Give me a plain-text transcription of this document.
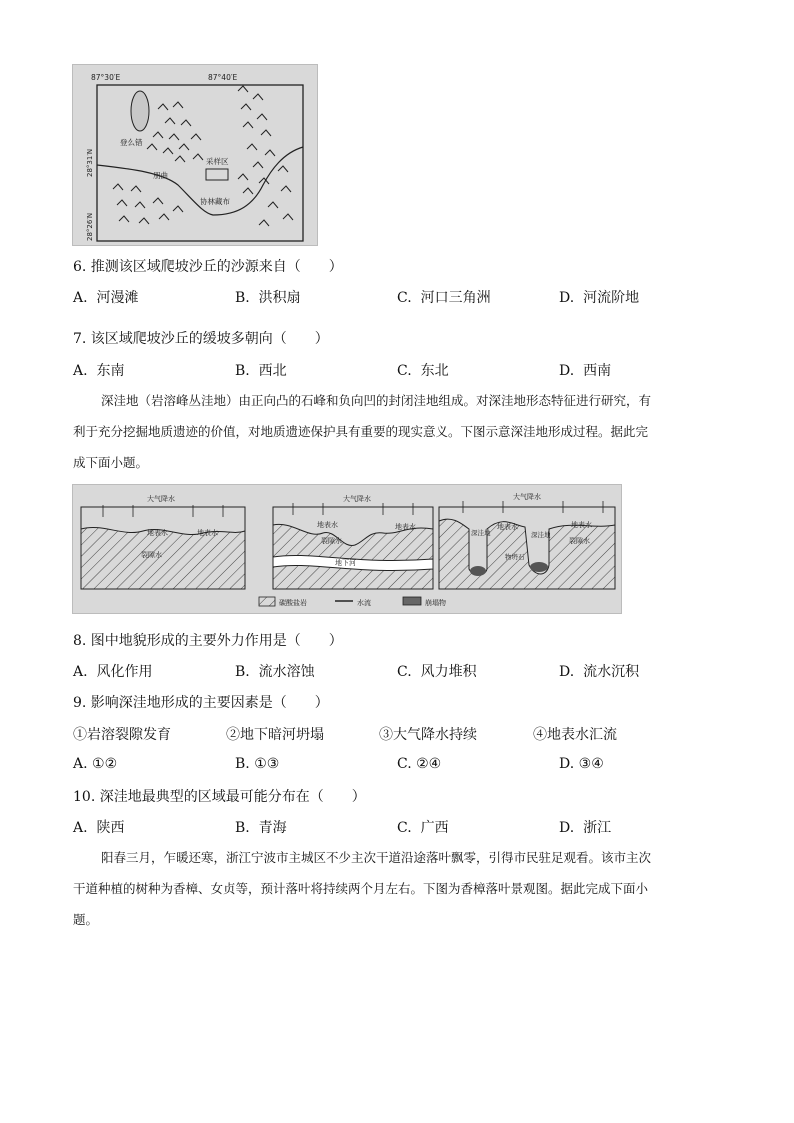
87°30′E	87°40′E
28°31′N
28°26′N
登么错
采样区
朋曲
协林藏布
6. 推测该区域爬坡沙丘的沙源来自（　　）
A. 河漫滩	B. 洪积扇	C. 河口三角洲	D. 河流阶地
7. 该区域爬坡沙丘的缓坡多朝向（　　）
A. 东南	B. 西北	C. 东北	D. 西南
深洼地（岩溶峰丛洼地）由正向凸的石峰和负向凹的封闭洼地组成。对深洼地形态特征进行研究，有
利于充分挖掘地质遗迹的价值，对地质遗迹保护具有重要的现实意义。下图示意深洼地形成过程。据此完
成下面小题。
大气降水
地表水
裂隙水
地表水
大气降水
地表水
裂隙水
地表水
地下河
大气降水
深洼地
地表水
深洼地
物坍石
地表水
裂隙水
碳酸盐岩	水流	崩塌物
8. 图中地貌形成的主要外力作用是（　　）
A. 风化作用	B. 流水溶蚀	C. 风力堆积	D. 流水沉积
9. 影响深洼地形成的主要因素是（　　）
①岩溶裂隙发育	②地下暗河坍塌	③大气降水持续	④地表水汇流
A. ①②	B. ①③	C. ②④	D. ③④
10. 深洼地最典型的区域最可能分布在（　　）
A. 陕西	B. 青海	C. 广西	D. 浙江
阳春三月，乍暖还寒，浙江宁波市主城区不少主次干道沿途落叶飘零，引得市民驻足观看。该市主次
干道种植的树种为香樟、女贞等，预计落叶将持续两个月左右。下图为香樟落叶景观图。据此完成下面小
题。
